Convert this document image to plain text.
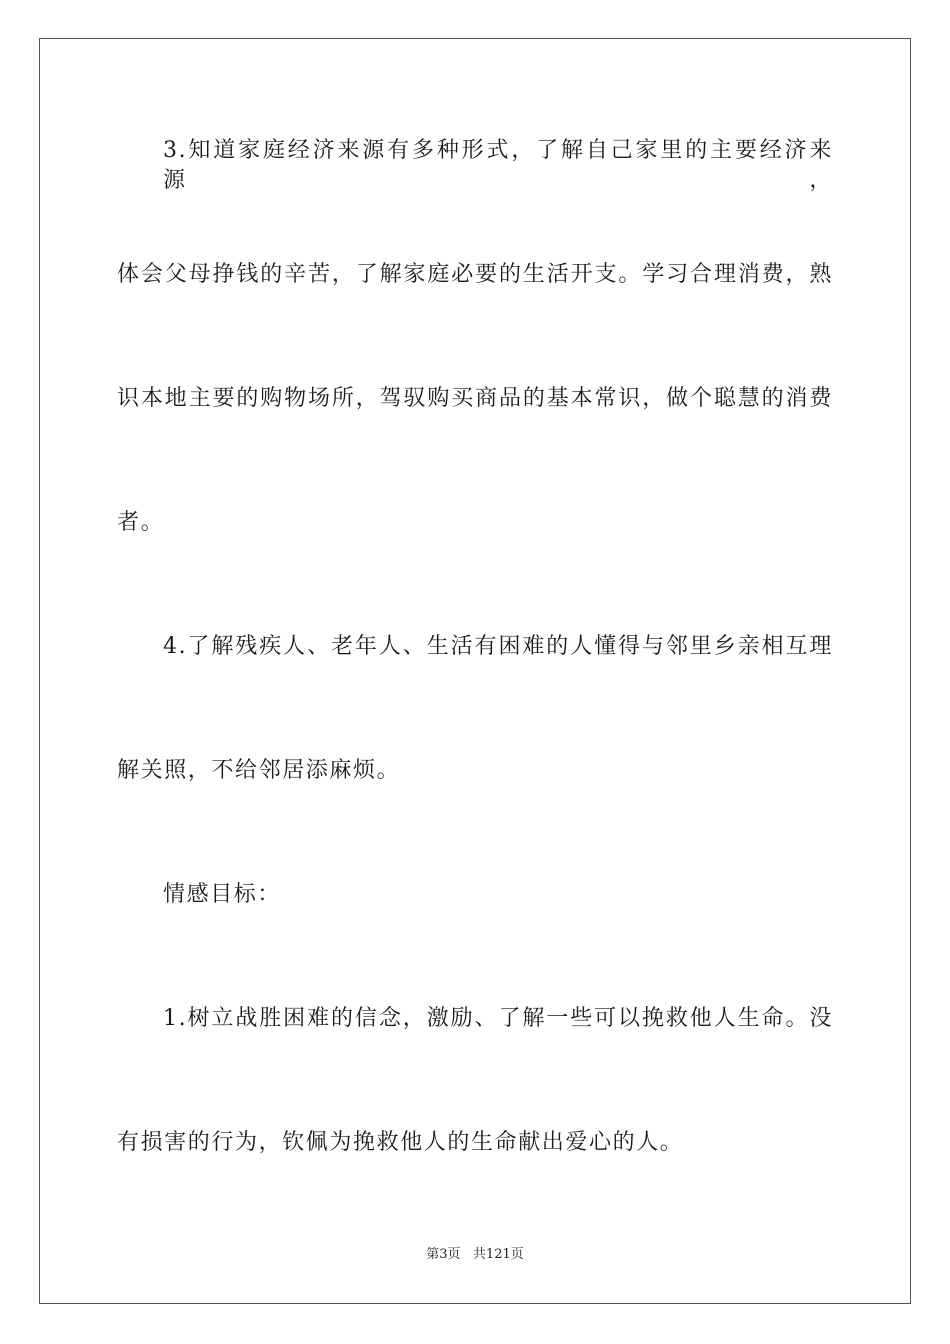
3.知道家庭经济来源有多种形式，了解自己家里的主要经济来源，
体会父母挣钱的辛苦，了解家庭必要的生活开支。学习合理消费，熟
识本地主要的购物场所，驾驭购买商品的基本常识，做个聪慧的消费
者。
4.了解残疾人、老年人、生活有困难的人懂得与邻里乡亲相互理
解关照，不给邻居添麻烦。
情感目标：
1.树立战胜困难的信念，激励、了解一些可以挽救他人生命。没
有损害的行为，钦佩为挽救他人的生命献出爱心的人。
第3页 共121页
